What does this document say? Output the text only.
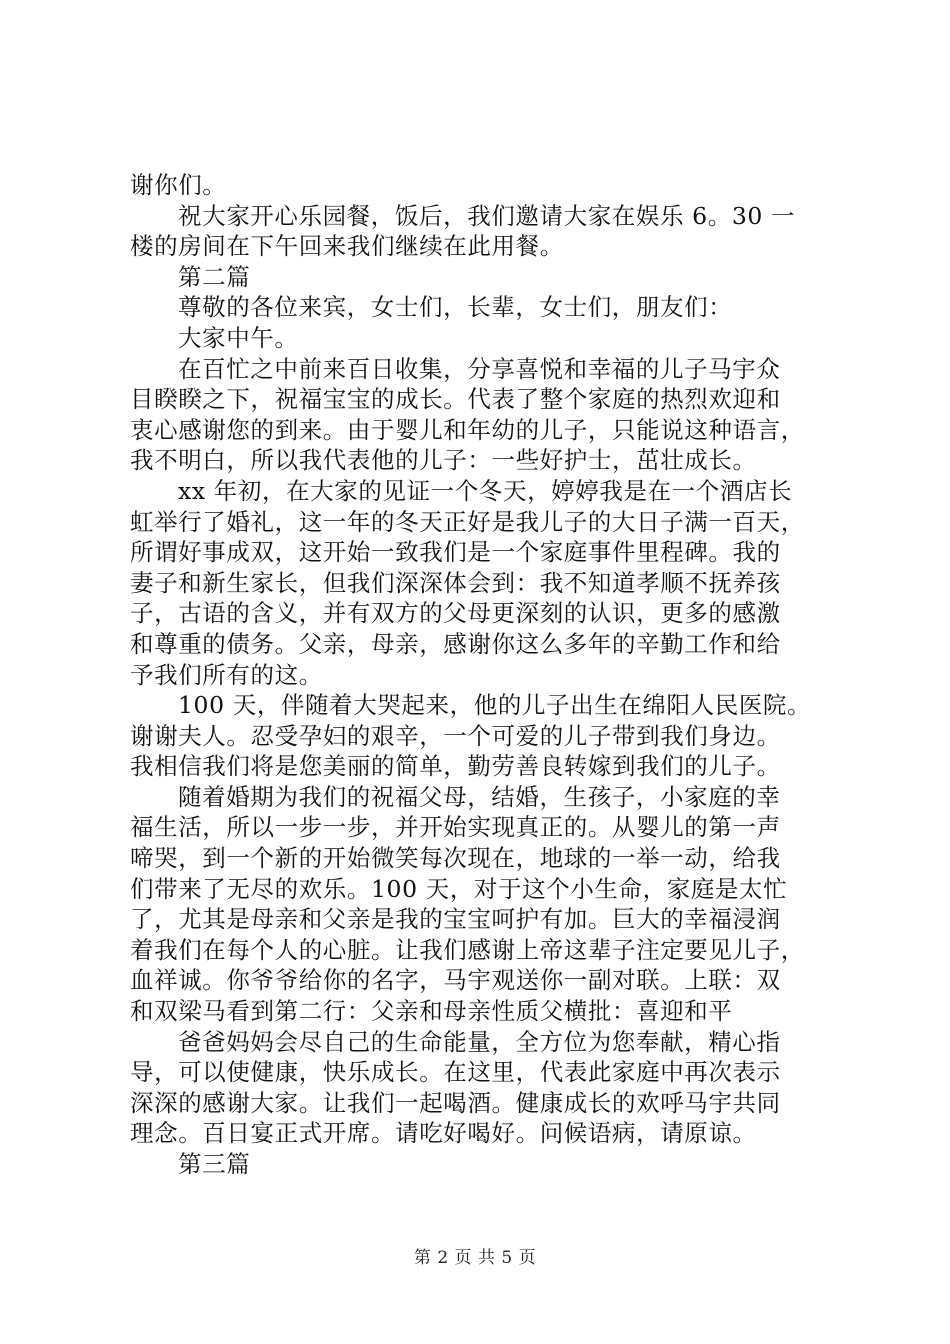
谢你们。
祝大家开心乐园餐，饭后，我们邀请大家在娱乐 6。30 一
楼的房间在下午回来我们继续在此用餐。
第二篇
尊敬的各位来宾，女士们，长辈，女士们，朋友们：
大家中午。
在百忙之中前来百日收集，分享喜悦和幸福的儿子马宇众
目睽睽之下，祝福宝宝的成长。代表了整个家庭的热烈欢迎和
衷心感谢您的到来。由于婴儿和年幼的儿子，只能说这种语言，
我不明白，所以我代表他的儿子：一些好护士，茁壮成长。
xx 年初，在大家的见证一个冬天，婷婷我是在一个酒店长
虹举行了婚礼，这一年的冬天正好是我儿子的大日子满一百天，
所谓好事成双，这开始一致我们是一个家庭事件里程碑。我的
妻子和新生家长，但我们深深体会到：我不知道孝顺不抚养孩
子，古语的含义，并有双方的父母更深刻的认识，更多的感激
和尊重的债务。父亲，母亲，感谢你这么多年的辛勤工作和给
予我们所有的这。
100 天，伴随着大哭起来，他的儿子出生在绵阳人民医院。
谢谢夫人。忍受孕妇的艰辛，一个可爱的儿子带到我们身边。
我相信我们将是您美丽的简单，勤劳善良转嫁到我们的儿子。
随着婚期为我们的祝福父母，结婚，生孩子，小家庭的幸
福生活，所以一步一步，并开始实现真正的。从婴儿的第一声
啼哭，到一个新的开始微笑每次现在，地球的一举一动，给我
们带来了无尽的欢乐。100 天，对于这个小生命，家庭是太忙
了，尤其是母亲和父亲是我的宝宝呵护有加。巨大的幸福浸润
着我们在每个人的心脏。让我们感谢上帝这辈子注定要见儿子，
血祥诚。你爷爷给你的名字，马宇观送你一副对联。上联：双
和双梁马看到第二行：父亲和母亲性质父横批：喜迎和平
爸爸妈妈会尽自己的生命能量，全方位为您奉献，精心指
导，可以使健康，快乐成长。在这里，代表此家庭中再次表示
深深的感谢大家。让我们一起喝酒。健康成长的欢呼马宇共同
理念。百日宴正式开席。请吃好喝好。问候语病，请原谅。
第三篇
第 2 页 共 5 页
